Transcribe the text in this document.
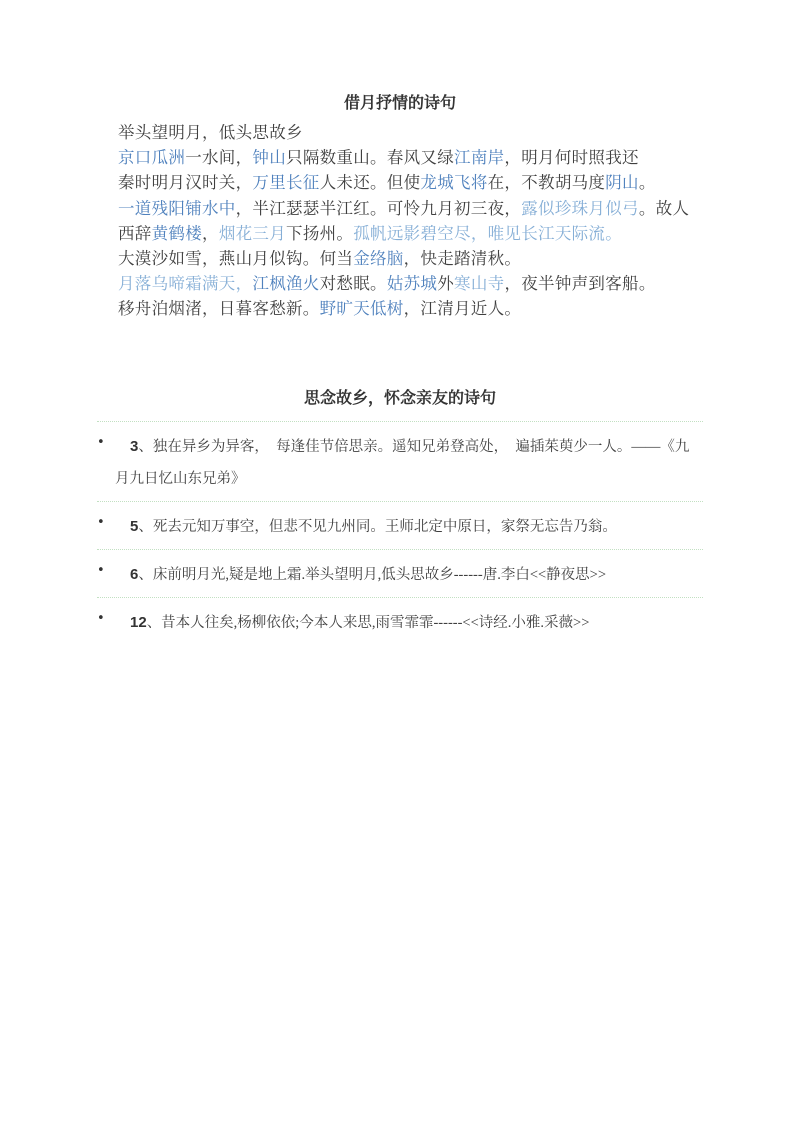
借月抒情的诗句
举头望明月，低头思故乡
京口瓜洲一水间，钟山只隔数重山。春风又绿江南岸，明月何时照我还
秦时明月汉时关，万里长征人未还。但使龙城飞将在，不教胡马度阴山。
一道残阳铺水中，半江瑟瑟半江红。可怜九月初三夜，露似珍珠月似弓。故人
西辞黄鹤楼，烟花三月下扬州。孤帆远影碧空尽，唯见长江天际流。
大漠沙如雪，燕山月似钩。何当金络脑，快走踏清秋。
月落乌啼霜满天，江枫渔火对愁眠。姑苏城外寒山寺，夜半钟声到客船。
移舟泊烟渚，日暮客愁新。野旷天低树，江清月近人。
思念故乡，怀念亲友的诗句
• 3、独在异乡为异客，　每逢佳节倍思亲。遥知兄弟登高处，　遍插茱萸少一人。——《九月九日忆山东兄弟》
• 5、死去元知万事空，但悲不见九州同。王师北定中原日，家祭无忘告乃翁。
• 6、床前明月光,疑是地上霜.举头望明月,低头思故乡------唐.李白<<静夜思>>
• 12、昔本人往矣,杨柳依依;今本人来思,雨雪霏霏------<<诗经.小雅.采薇>>
